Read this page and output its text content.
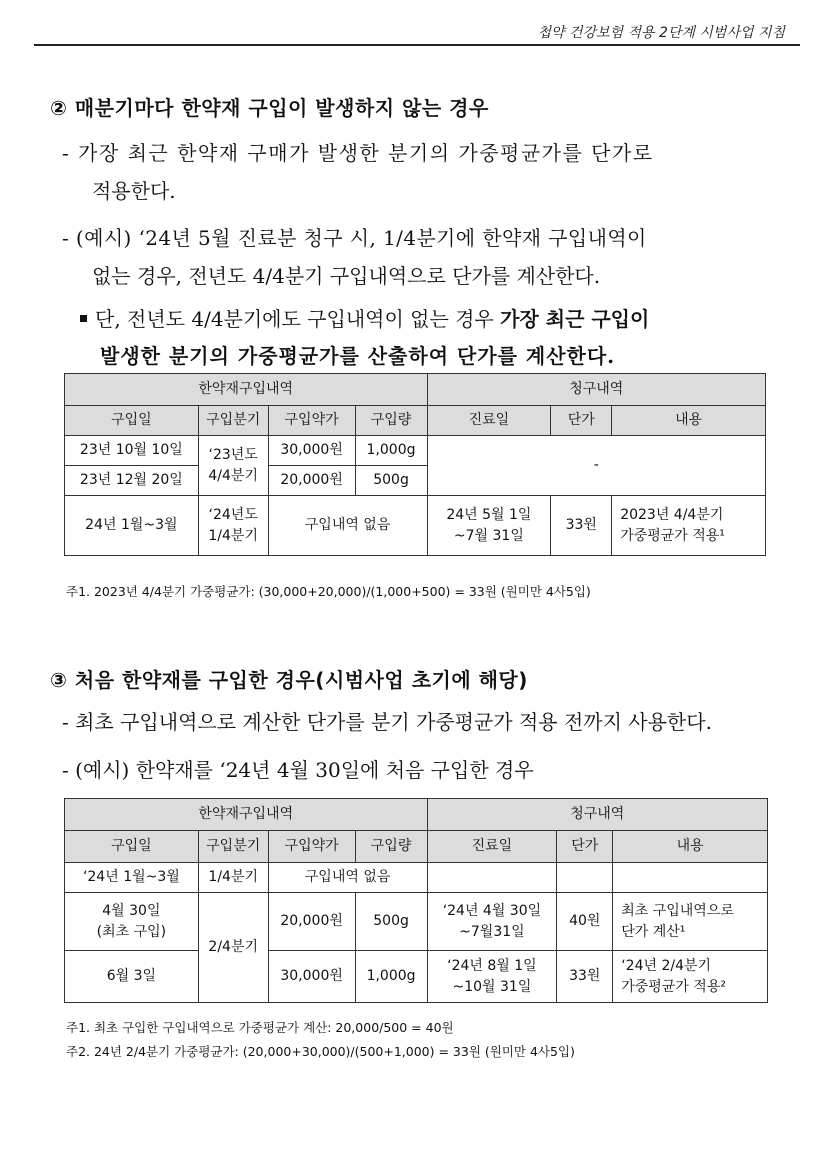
첩약 건강보험 적용 2단계 시범사업 지침
② 매분기마다 한약재 구입이 발생하지 않는 경우
- 가장 최근 한약재 구매가 발생한 분기의 가중평균가를 단가로
적용한다.
- (예시) ‘24년 5월 진료분 청구 시, 1/4분기에 한약재 구입내역이
없는 경우, 전년도 4/4분기 구입내역으로 단가를 계산한다.
단, 전년도 4/4분기에도 구입내역이 없는 경우 가장 최근 구입이
발생한 분기의 가중평균가를 산출하여 단가를 계산한다.
한약재구입내역				청구내역		
구입일	구입분기	구입약가	구입량	진료일	단가	내용
23년 10월 10일	‘23년도
4/4분기	30,000원	1,000g	-		
23년 12월 20일		20,000원	500g			
24년 1월~3월	‘24년도
1/4분기	구입내역 없음		24년 5월 1일
~7월 31일	33원	2023년 4/4분기
가중평균가 적용¹
주1. 2023년 4/4분기 가중평균가: (30,000+20,000)/(1,000+500) = 33원 (원미만 4사5입)
③ 처음 한약재를 구입한 경우(시범사업 초기에 해당)
- 최초 구입내역으로 계산한 단가를 분기 가중평균가 적용 전까지 사용한다.
- (예시) 한약재를 ‘24년 4월 30일에 처음 구입한 경우
한약재구입내역				청구내역		
구입일	구입분기	구입약가	구입량	진료일	단가	내용
‘24년 1월~3월	1/4분기	구입내역 없음				
4월 30일
(최초 구입)	2/4분기	20,000원	500g	‘24년 4월 30일
~7월31일	40원	최초 구입내역으로
단가 계산¹
6월 3일		30,000원	1,000g	‘24년 8월 1일
~10월 31일	33원	‘24년 2/4분기
가중평균가 적용²
주1. 최초 구입한 구입내역으로 가중평균가 계산: 20,000/500 = 40원
주2. 24년 2/4분기 가중평균가: (20,000+30,000)/(500+1,000) = 33원 (원미만 4사5입)
